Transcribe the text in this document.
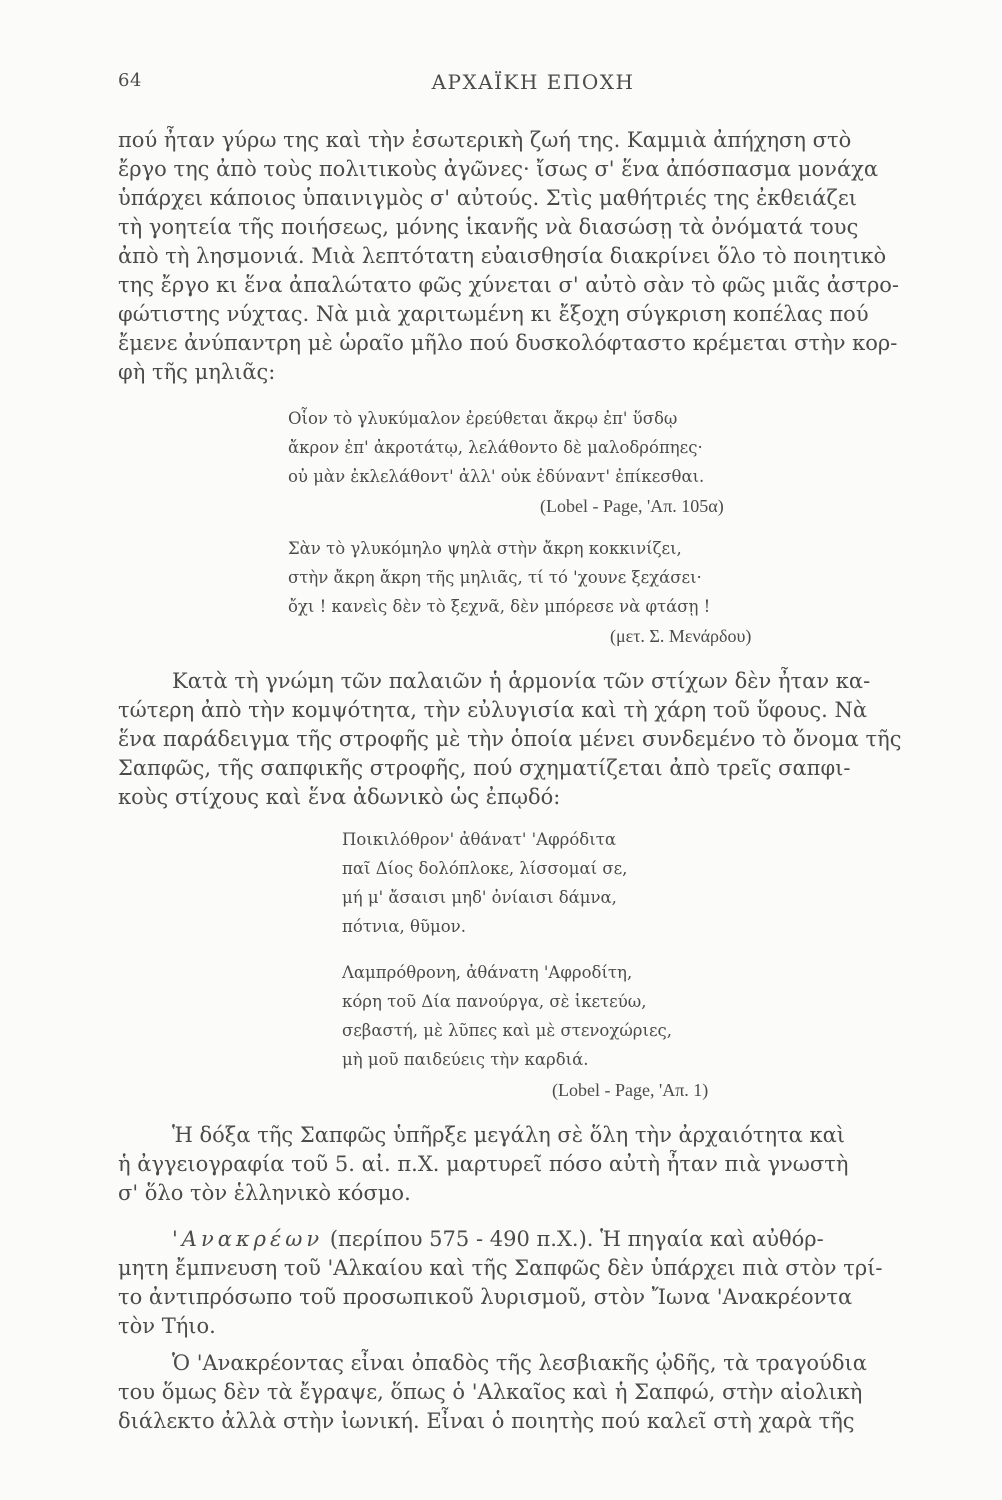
64	ΑΡΧΑΪΚΗ ΕΠΟΧΗ
πού ἦταν γύρω της καὶ τὴν ἐσωτερικὴ ζωή της. Καμμιὰ ἀπήχηση στὸ
ἔργο της ἀπὸ τοὺς πολιτικοὺς ἀγῶνες· ἴσως σ' ἕνα ἀπόσπασμα μονάχα
ὑπάρχει κάποιος ὑπαινιγμὸς σ' αὐτούς. Στὶς μαθήτριές της ἐκθειάζει
τὴ γοητεία τῆς ποιήσεως, μόνης ἱκανῆς νὰ διασώσῃ τὰ ὀνόματά τους
ἀπὸ τὴ λησμονιά. Μιὰ λεπτότατη εὐαισθησία διακρίνει ὅλο τὸ ποιητικὸ
της ἔργο κι ἕνα ἀπαλώτατο φῶς χύνεται σ' αὐτὸ σὰν τὸ φῶς μιᾶς ἀστρο-
φώτιστης νύχτας. Νὰ μιὰ χαριτωμένη κι ἔξοχη σύγκριση κοπέλας πού
ἔμενε ἀνύπαντρη μὲ ὡραῖο μῆλο πού δυσκολόφταστο κρέμεται στὴν κορ-
φὴ τῆς μηλιᾶς:
Οἷον τὸ γλυκύμαλον ἐρεύθεται ἄκρῳ ἐπ' ὕσδῳ
ἄκρον ἐπ' ἀκροτάτῳ, λελάθοντο δὲ μαλοδρόπηες·
οὐ μὰν ἐκλελάθοντ' ἀλλ' οὐκ ἐδύναντ' ἐπίκεσθαι.
(Lobel - Page, 'Απ. 105α)
Σὰν τὸ γλυκόμηλο ψηλὰ στὴν ἄκρη κοκκινίζει,
στὴν ἄκρη ἄκρη τῆς μηλιᾶς, τί τό 'χουνε ξεχάσει·
ὄχι ! κανεὶς δὲν τὸ ξεχνᾶ, δὲν μπόρεσε νὰ φτάσῃ !
(μετ. Σ. Μενάρδου)
Κατὰ τὴ γνώμη τῶν παλαιῶν ἡ ἁρμονία τῶν στίχων δὲν ἦταν κα-
τώτερη ἀπὸ τὴν κομψότητα, τὴν εὐλυγισία καὶ τὴ χάρη τοῦ ὕφους. Νὰ
ἕνα παράδειγμα τῆς στροφῆς μὲ τὴν ὁποία μένει συνδεμένο τὸ ὄνομα τῆς
Σαπφῶς, τῆς σαπφικῆς στροφῆς, πού σχηματίζεται ἀπὸ τρεῖς σαπφι-
κοὺς στίχους καὶ ἕνα ἀδωνικὸ ὡς ἐπῳδό:
Ποικιλόθρον' ἀθάνατ' 'Αφρόδιτα
παῖ Δίος δολόπλοκε, λίσσομαί σε,
μή μ' ἄσαισι μηδ' ὀνίαισι δάμνα,
πότνια, θῦμον.
Λαμπρόθρονη, ἀθάνατη 'Αφροδίτη,
κόρη τοῦ Δία πανούργα, σὲ ἱκετεύω,
σεβαστή, μὲ λῦπες καὶ μὲ στενοχώριες,
μὴ μοῦ παιδεύεις τὴν καρδιά.
(Lobel - Page, 'Απ. 1)
Ἡ δόξα τῆς Σαπφῶς ὑπῆρξε μεγάλη σὲ ὅλη τὴν ἀρχαιότητα καὶ
ἡ ἀγγειογραφία τοῦ 5. αἰ. π.Χ. μαρτυρεῖ πόσο αὐτὴ ἦταν πιὰ γνωστὴ
σ' ὅλο τὸν ἑλληνικὸ κόσμο.
'Ανακρέων (περίπου 575 - 490 π.Χ.). Ἡ πηγαία καὶ αὐθόρ-
μητη ἔμπνευση τοῦ 'Αλκαίου καὶ τῆς Σαπφῶς δὲν ὑπάρχει πιὰ στὸν τρί-
το ἀντιπρόσωπο τοῦ προσωπικοῦ λυρισμοῦ, στὸν Ἴωνα 'Ανακρέοντα
τὸν Τήιο.
Ὁ 'Ανακρέοντας εἶναι ὀπαδὸς τῆς λεσβιακῆς ᾠδῆς, τὰ τραγούδια
του ὅμως δὲν τὰ ἔγραψε, ὅπως ὁ 'Αλκαῖος καὶ ἡ Σαπφώ, στὴν αἰολικὴ
διάλεκτο ἀλλὰ στὴν ἰωνική. Εἶναι ὁ ποιητὴς πού καλεῖ στὴ χαρὰ τῆς
